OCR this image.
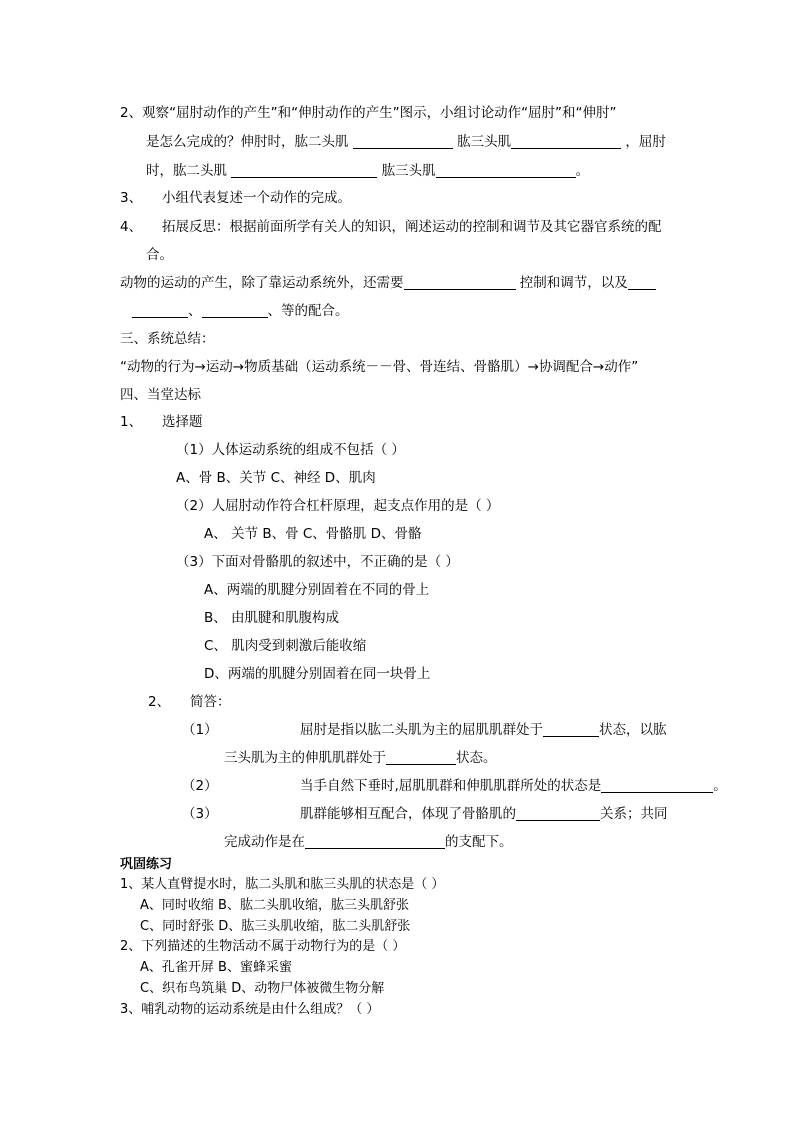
2、观察“屈肘动作的产生”和“伸肘动作的产生”图示，小组讨论动作“屈肘”和“伸肘”
是怎么完成的？伸肘时，肱二头肌	肱三头肌	，屈肘
时，肱二头肌	肱三头肌	。
3、 小组代表复述一个动作的完成。
4、 拓展反思：根据前面所学有关人的知识，阐述运动的控制和调节及其它器官系统的配
合。
动物的运动的产生，除了靠运动系统外，还需要	控制和调节，以及
、	、等的配合。
三、系统总结：
“动物的行为→运动→物质基础（运动系统－－骨、骨连结、骨骼肌）→协调配合→动作”
四、当堂达标
1、 选择题
（1）人体运动系统的组成不包括（ ）
A、骨 B、关节 C、神经 D、肌肉
（2）人屈肘动作符合杠杆原理，起支点作用的是（ ）
A、 关节 B、骨 C、骨骼肌 D、骨骼
（3）下面对骨骼肌的叙述中，不正确的是（ ）
A、两端的肌腱分别固着在不同的骨上
B、 由肌腱和肌腹构成
C、 肌肉受到刺激后能收缩
D、两端的肌腱分别固着在同一块骨上
2、 简答：
（1）	屈肘是指以肱二头肌为主的屈肌肌群处于	状态，以肱
三头肌为主的伸肌肌群处于	状态。
（2）	当手自然下垂时,屈肌肌群和伸肌肌群所处的状态是	。
（3）	肌群能够相互配合，体现了骨骼肌的	关系；共同
完成动作是在	的支配下。
巩固练习
1、某人直臂提水时，肱二头肌和肱三头肌的状态是（ ）
A、同时收缩 B、肱二头肌收缩，肱三头肌舒张
C、同时舒张 D、肱三头肌收缩，肱二头肌舒张
2、下列描述的生物活动不属于动物行为的是（ ）
A、孔雀开屏 B、蜜蜂采蜜
C、织布鸟筑巢 D、动物尸体被微生物分解
3、哺乳动物的运动系统是由什么组成？（ ）
